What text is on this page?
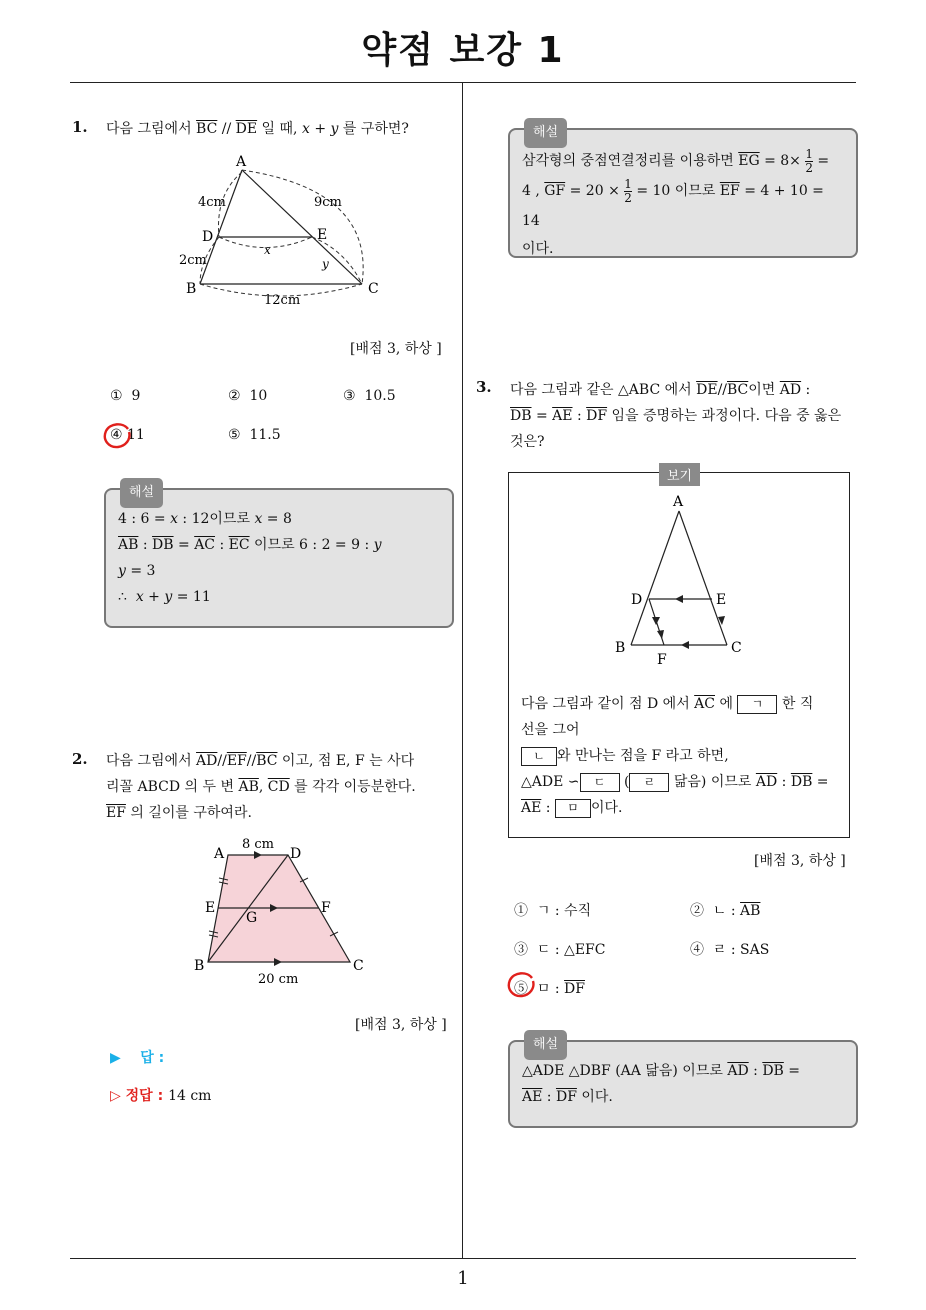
약점 보강 1
1
1. 다음 그림에서 $\overline{BC} // \overline{DE}$ 일 때, x + y 를 구하면?
A
D	E
B	C
x
y
4cm	9cm
2cm
12cm
[배점 3, 하상 ]
① 9	② 10	③ 10.5
④ 11	⑤ 11.5
해설
4 : 6 = x : 12이므로 x = 8
$\overline{AB}$ : $\overline{DB} = \overline{AC}$ : $\overline{EC}$ 이므로 6 : 2 = 9 : y
y = 3
∴  x + y = 11
2. 다음 그림에서 $\overline{AD}//\overline{EF}//\overline{BC}$ 이고, 점 E, F 는 사다
리꼴 ABCD 의 두 변 $\overline{AB}$, $\overline{CD}$ 를 각각 이등분한다.
$\overline{EF}$ 의 길이를 구하여라.
A	D
E	F
G
B	C
8 cm
20 cm
[배점 3, 하상 ]
▶ 답 :
▷ 정답 : 14 cm
해설
삼각형의 중점연결정리를 이용하면 $\overline{EG} = 8\times \frac{1}{2}$ =
4 , $\overline{GF} = 20 \times \frac{1}{2} = 10$ 이므로 $\overline{EF} = 4 + 10 = 14$
이다.
3. 다음 그림과 같은 △ABC 에서 $\overline{DE}//\overline{BC}$이면 $\overline{AD}$ :
$\overline{DB} = \overline{AE}$ : $\overline{DF}$ 임을 증명하는 과정이다. 다음 중 옳은
것은?
보기
A
D	E
B
F
C
다음 그림과 같이 점 D 에서 $\overline{AC}$ 에 ㄱ 한 직
선을 그어
ㄴ 와 만나는 점을 F 라고 하면,
△ADE ∽ ㄷ ( ㄹ 닮음) 이므로 $\overline{AD}$ : $\overline{DB}$ =
$\overline{AE}$ : ㅁ 이다.
[배점 3, 하상 ]
① ㄱ : 수직	②  ㄴ : $\overline{AB}$
③ ㄷ : △EFC	④ ㄹ : SAS
⑤  ㅁ : $\overline{DF}$
해설
△ADE △DBF (AA 닮음) 이므로 $\overline{AD}$ : $\overline{DB}$ =
$\overline{AE}$ : $\overline{DF}$ 이다.
